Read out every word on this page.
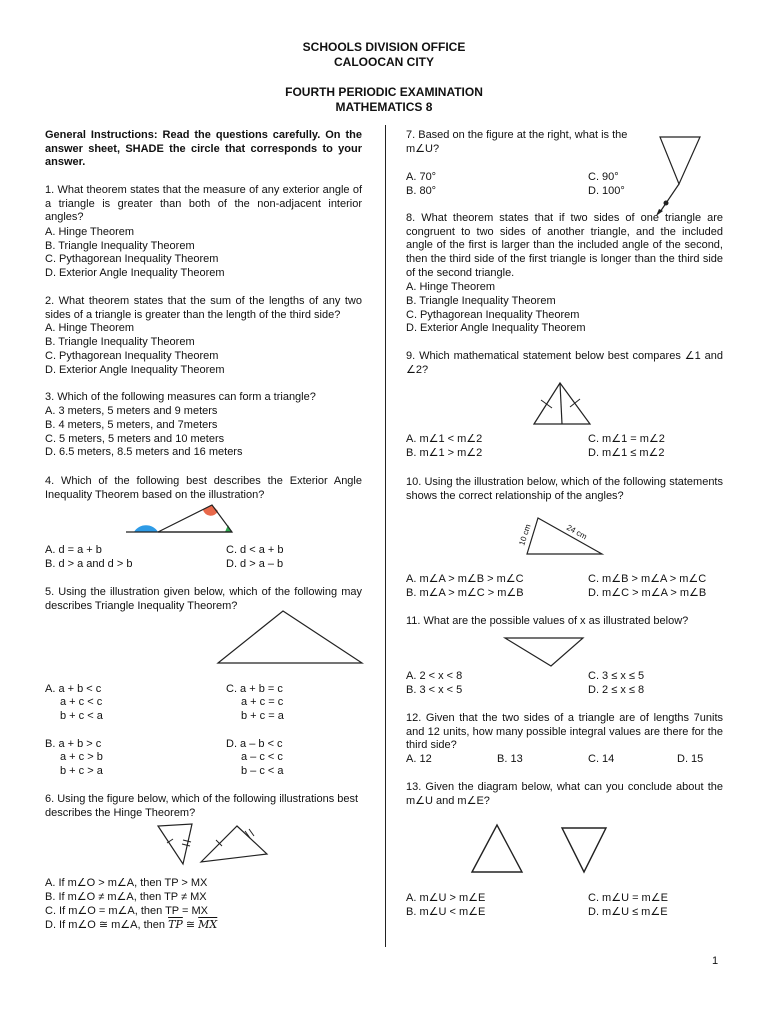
SCHOOLS DIVISION OFFICE
CALOOCAN CITY
FOURTH PERIODIC EXAMINATION
MATHEMATICS 8
General Instructions: Read the questions carefully. On the answer sheet, SHADE the circle that corresponds to your answer.
1. What theorem states that the measure of any exterior angle of a triangle is greater than both of the non-adjacent interior angles?
A. Hinge Theorem
B. Triangle Inequality Theorem
C. Pythagorean Inequality Theorem
D. Exterior Angle Inequality Theorem
2. What theorem states that the sum of the lengths of any two sides of a triangle is greater than the length of the third side?
A. Hinge Theorem
B. Triangle Inequality Theorem
C. Pythagorean Inequality Theorem
D. Exterior Angle Inequality Theorem
3. Which of the following measures can form a triangle?
A. 3 meters, 5 meters and 9 meters
B. 4 meters, 5 meters, and 7meters
C. 5 meters, 5 meters and 10 meters
D. 6.5 meters, 8.5 meters and 16 meters
4. Which of the following best describes the Exterior Angle Inequality Theorem based on the illustration?
A. d = a + b
B. d > a and d > b
C. d < a + b
D. d > a – b
5. Using the illustration given below, which of the following may describes Triangle Inequality Theorem?
A. a + b < c
a + c < c
b + c < a
C. a + b = c
a + c = c
b + c = a
B. a + b > c
a + c > b
b + c > a
D. a – b < c
a – c < c
b – c < a
6. Using the figure below, which of the following illustrations best describes the Hinge Theorem?
A. If m∠O > m∠A, then TP > MX
B. If m∠O ≠ m∠A, then TP ≠ MX
C. If m∠O = m∠A, then TP = MX
D. If m∠O ≅ m∠A, then $\overline{TP}$ ≅ $\overline{MX}$
7. Based on the figure at the right, what is the m∠U?
A. 70°
B. 80°
C. 90°
D. 100°
8. What theorem states that if two sides of one triangle are congruent to two sides of another triangle, and the included angle of the first is larger than the included angle of the second, then the third side of the first triangle is longer than the third side of the second triangle.
A. Hinge Theorem
B. Triangle Inequality Theorem
C. Pythagorean Inequality Theorem
D. Exterior Angle Inequality Theorem
9. Which mathematical statement below best compares ∠1 and ∠2?
A. m∠1 < m∠2
B. m∠1 > m∠2
C. m∠1 = m∠2
D. m∠1 ≤ m∠2
10. Using the illustration below, which of the following statements shows the correct relationship of the angles?
10 cm	24 cm
A. m∠A > m∠B > m∠C
B. m∠A > m∠C > m∠B
C. m∠B > m∠A > m∠C
D. m∠C > m∠A > m∠B
11. What are the possible values of x as illustrated below?
A. 2 < x < 8
B. 3 < x < 5
C. 3 ≤ x ≤ 5
D. 2 ≤ x ≤ 8
12. Given that the two sides of a triangle are of lengths 7units and 12 units, how many possible integral values are there for the third side?
A. 12	B. 13	C. 14	D. 15
13. Given the diagram below, what can you conclude about the m∠U and m∠E?
A. m∠U > m∠E
B. m∠U < m∠E
C. m∠U = m∠E
D. m∠U ≤ m∠E
1
